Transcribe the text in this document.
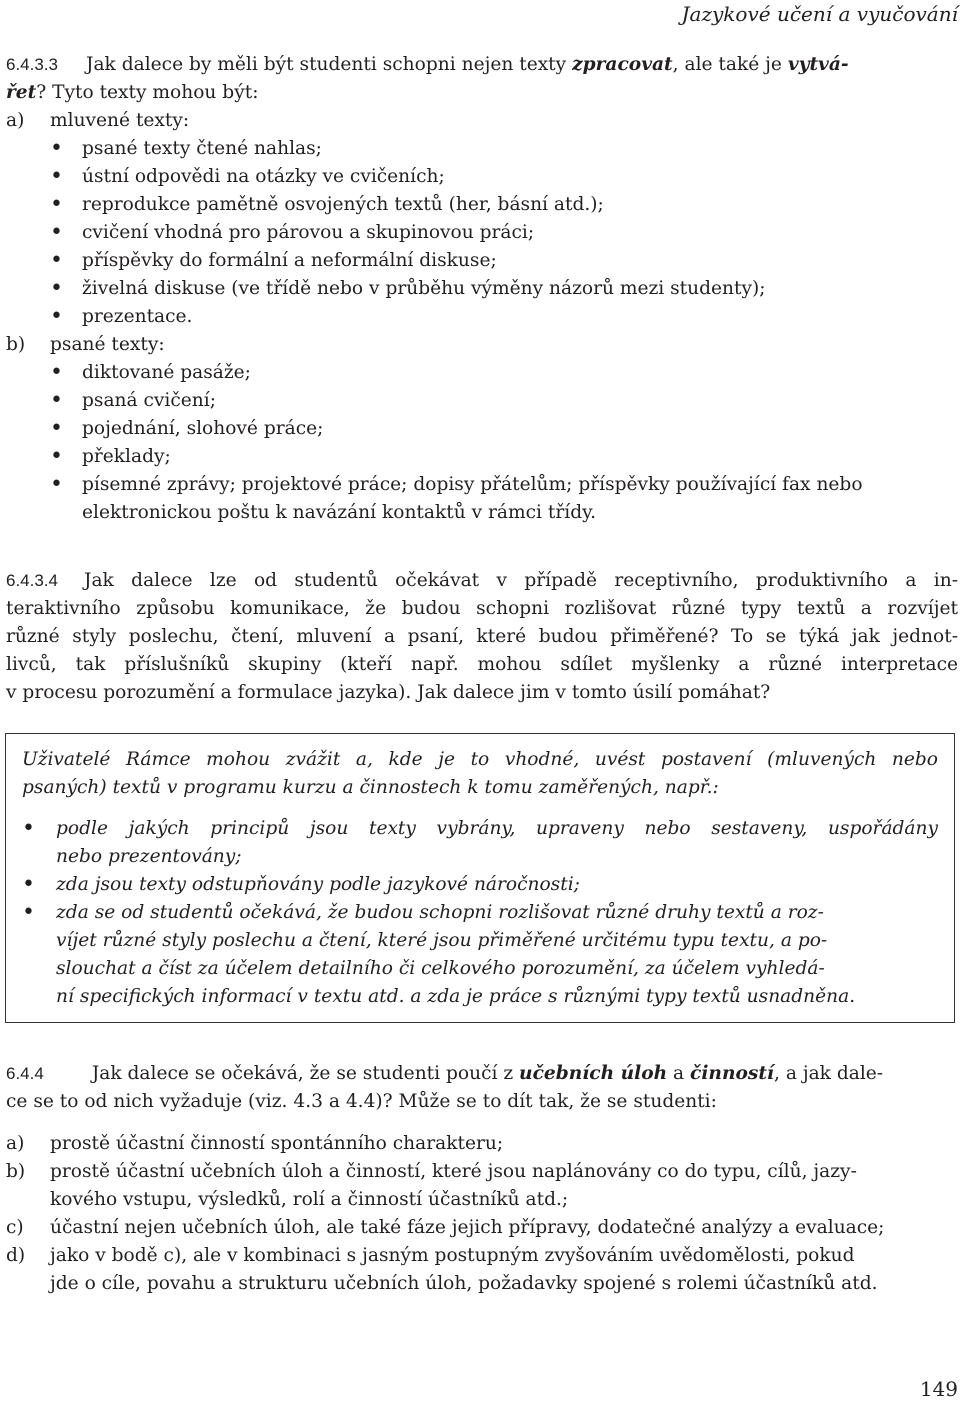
Jazykové učení a vyučování
6.4.3.3 Jak dalece by měli být studenti schopni nejen texty zpracovat, ale také je vytvá-
řet? Tyto texty mohou být:
a) mluvené texty:
• psané texty čtené nahlas;
• ústní odpovědi na otázky ve cvičeních;
• reprodukce pamětně osvojených textů (her, básní atd.);
• cvičení vhodná pro párovou a skupinovou práci;
• příspěvky do formální a neformální diskuse;
• živelná diskuse (ve třídě nebo v průběhu výměny názorů mezi studenty);
• prezentace.
b) psané texty:
• diktované pasáže;
• psaná cvičení;
• pojednání, slohové práce;
• překlady;
• písemné zprávy; projektové práce; dopisy přátelům; příspěvky používající fax nebo
elektronickou poštu k navázání kontaktů v rámci třídy.
6.4.3.4 Jak dalece lze od studentů očekávat v případě receptivního, produktivního a in-
teraktivního způsobu komunikace, že budou schopni rozlišovat různé typy textů a rozvíjet
různé styly poslechu, čtení, mluvení a psaní, které budou přiměřené? To se týká jak jednot-
livců, tak příslušníků skupiny (kteří např. mohou sdílet myšlenky a různé interpretace
v procesu porozumění a formulace jazyka). Jak dalece jim v tomto úsilí pomáhat?
Uživatelé Rámce mohou zvážit a, kde je to vhodné, uvést postavení (mluvených nebo
psaných) textů v programu kurzu a činnostech k tomu zaměřených, např.:
• podle jakých principů jsou texty vybrány, upraveny nebo sestaveny, uspořádány
nebo prezentovány;
• zda jsou texty odstupňovány podle jazykové náročnosti;
• zda se od studentů očekává, že budou schopni rozlišovat různé druhy textů a roz-
víjet různé styly poslechu a čtení, které jsou přiměřené určitému typu textu, a po-
slouchat a číst za účelem detailního či celkového porozumění, za účelem vyhledá-
ní specifických informací v textu atd. a zda je práce s různými typy textů usnadněna.
6.4.4	Jak dalece se očekává, že se studenti poučí z učebních úloh a činností, a jak dale-
ce se to od nich vyžaduje (viz. 4.3 a 4.4)? Může se to dít tak, že se studenti:
a) prostě účastní činností spontánního charakteru;
b) prostě účastní učebních úloh a činností, které jsou naplánovány co do typu, cílů, jazy-
kového vstupu, výsledků, rolí a činností účastníků atd.;
c) účastní nejen učebních úloh, ale také fáze jejich přípravy, dodatečné analýzy a evaluace;
d) jako v bodě c), ale v kombinaci s jasným postupným zvyšováním uvědomělosti, pokud
jde o cíle, povahu a strukturu učebních úloh, požadavky spojené s rolemi účastníků atd.
149
